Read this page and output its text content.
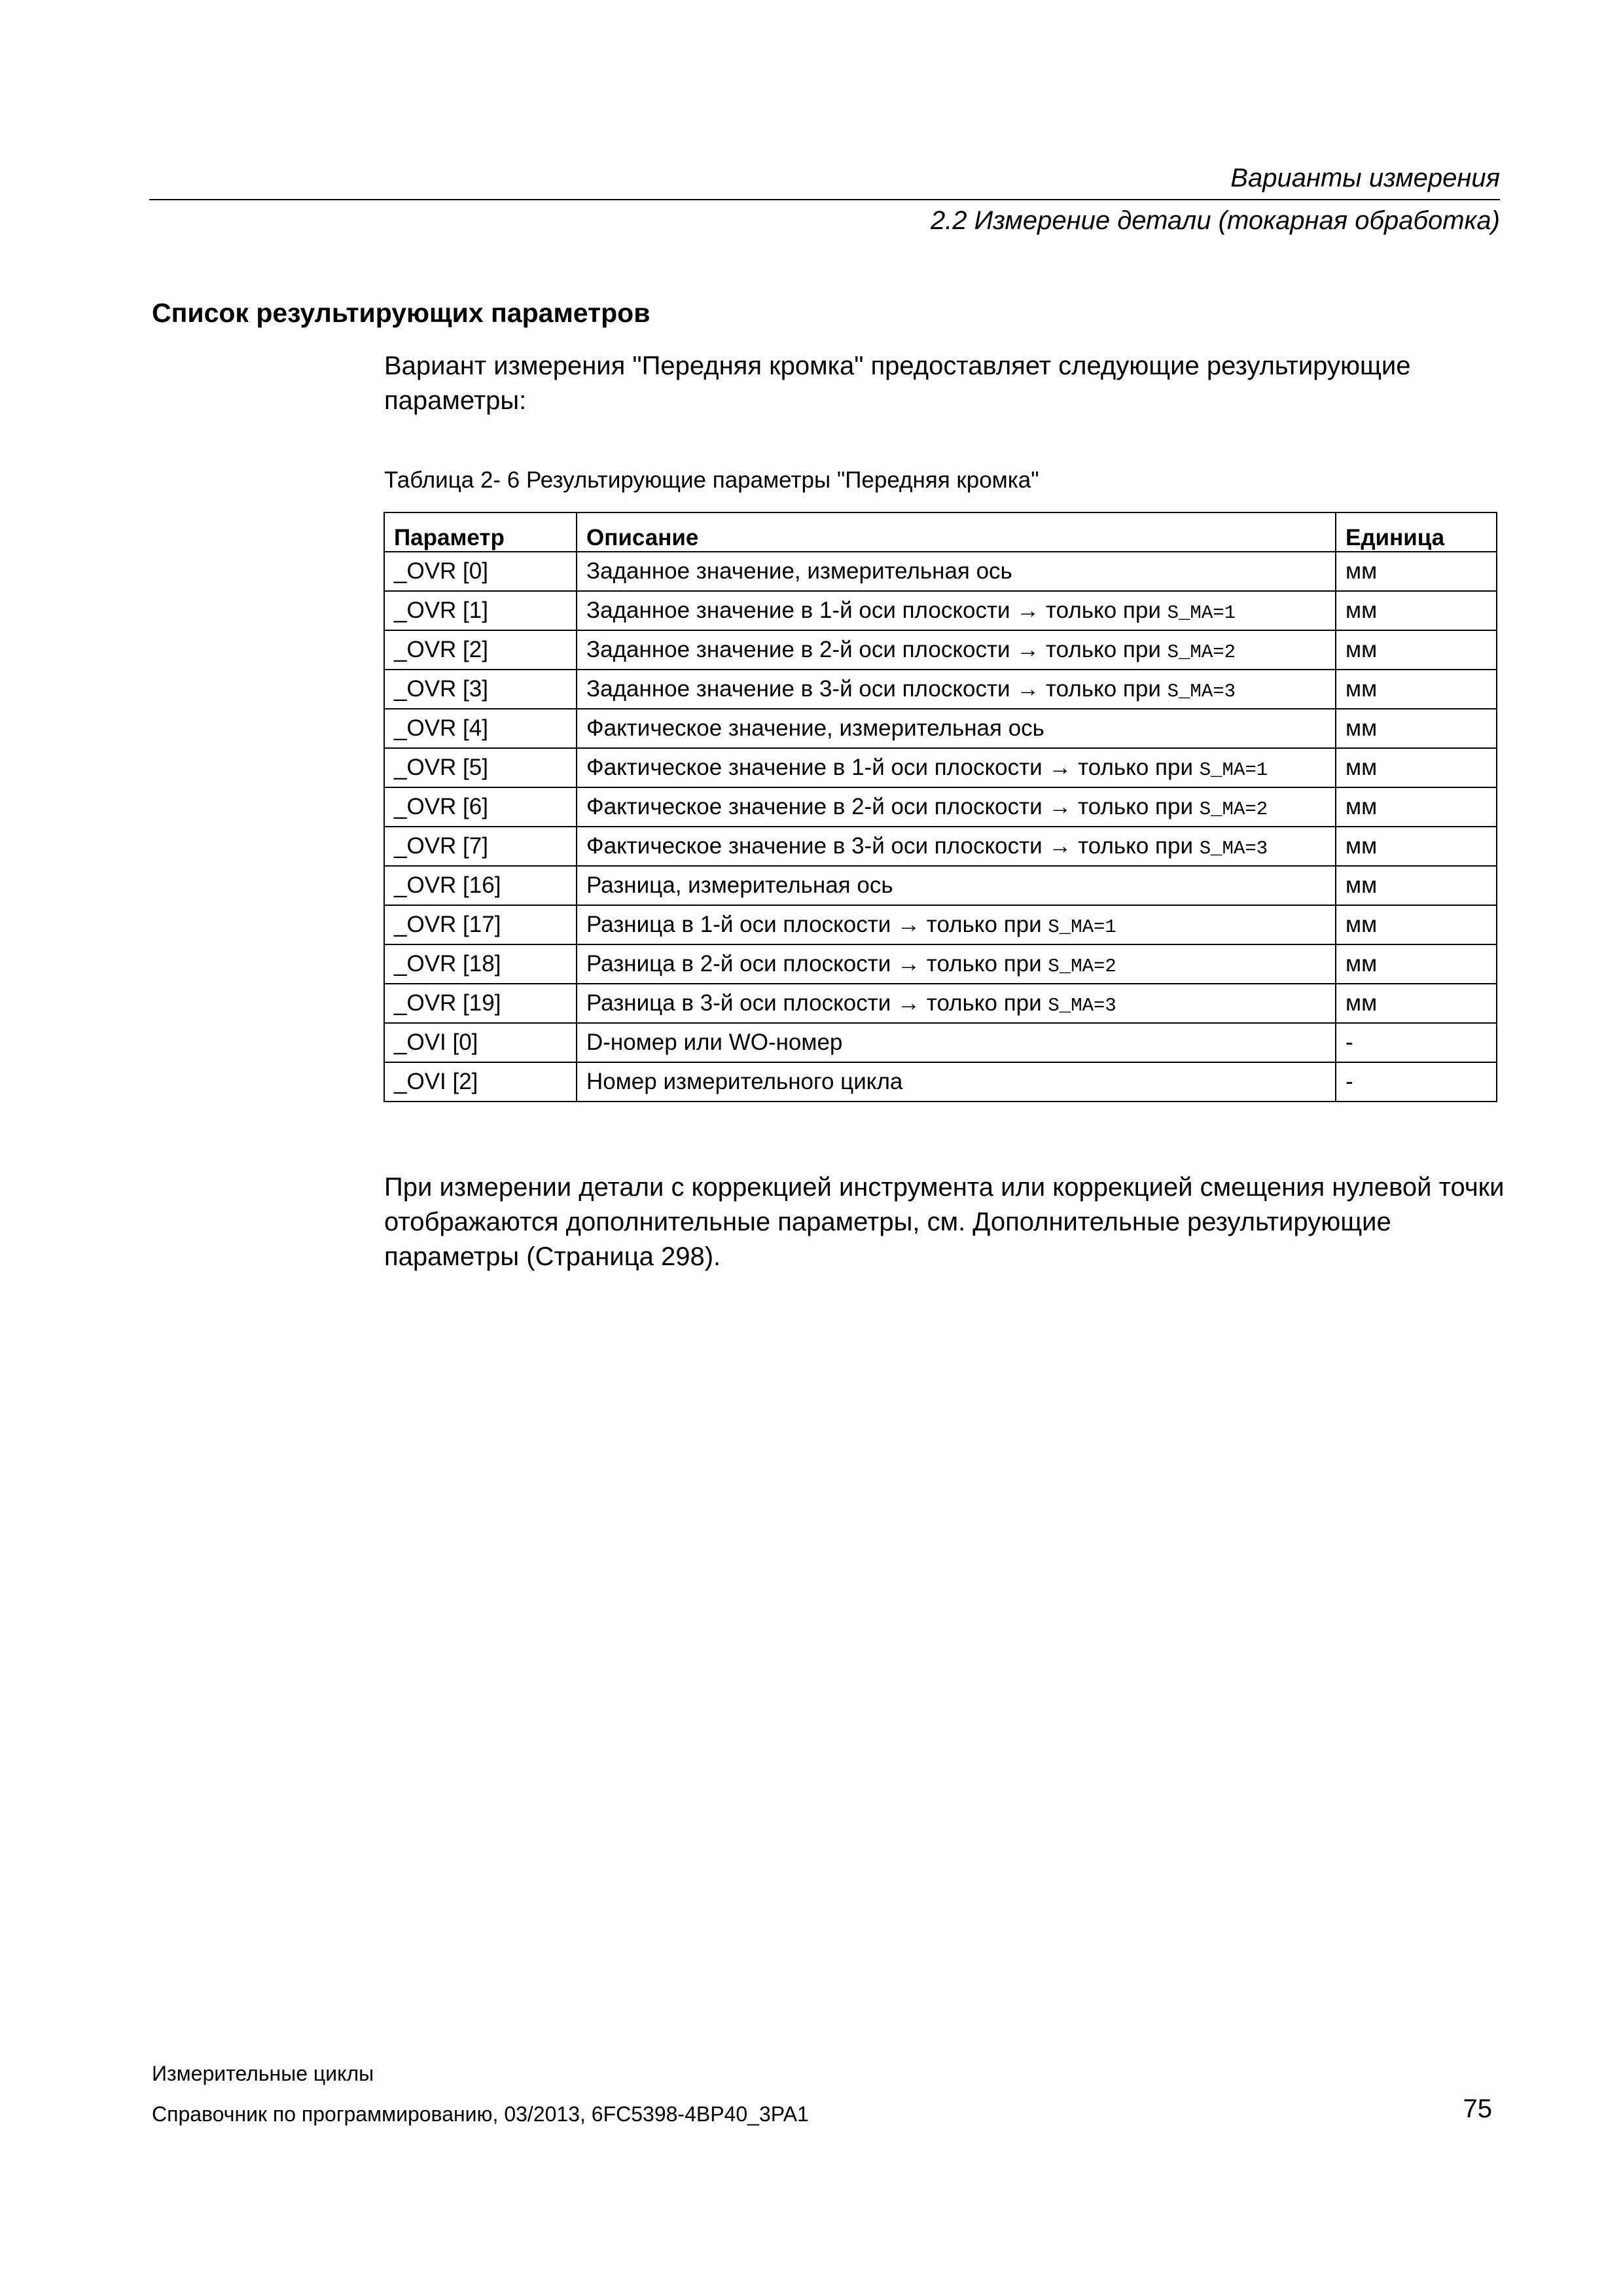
Варианты измерения
2.2 Измерение детали (токарная обработка)
Список результирующих параметров
Вариант измерения "Передняя кромка" предоставляет следующие результирующие параметры:
Таблица 2- 6 Результирующие параметры "Передняя кромка"
Параметр	Описание	Единица
_OVR [0]	Заданное значение, измерительная ось	мм
_OVR [1]	Заданное значение в 1-й оси плоскости → только при S_MA=1	мм
_OVR [2]	Заданное значение в 2-й оси плоскости → только при S_MA=2	мм
_OVR [3]	Заданное значение в 3-й оси плоскости → только при S_MA=3	мм
_OVR [4]	Фактическое значение, измерительная ось	мм
_OVR [5]	Фактическое значение в 1-й оси плоскости → только при S_MA=1	мм
_OVR [6]	Фактическое значение в 2-й оси плоскости → только при S_MA=2	мм
_OVR [7]	Фактическое значение в 3-й оси плоскости → только при S_MA=3	мм
_OVR [16]	Разница, измерительная ось	мм
_OVR [17]	Разница в 1-й оси плоскости → только при S_MA=1	мм
_OVR [18]	Разница в 2-й оси плоскости → только при S_MA=2	мм
_OVR [19]	Разница в 3-й оси плоскости → только при S_MA=3	мм
_OVI [0]	D-номер или WO-номер	-
_OVI [2]	Номер измерительного цикла	-
При измерении детали с коррекцией инструмента или коррекцией смещения нулевой точки отображаются дополнительные параметры, см. Дополнительные результирующие параметры (Страница 298).
Измерительные циклы
Справочник по программированию, 03/2013, 6FC5398-4BP40_3PA1	75
